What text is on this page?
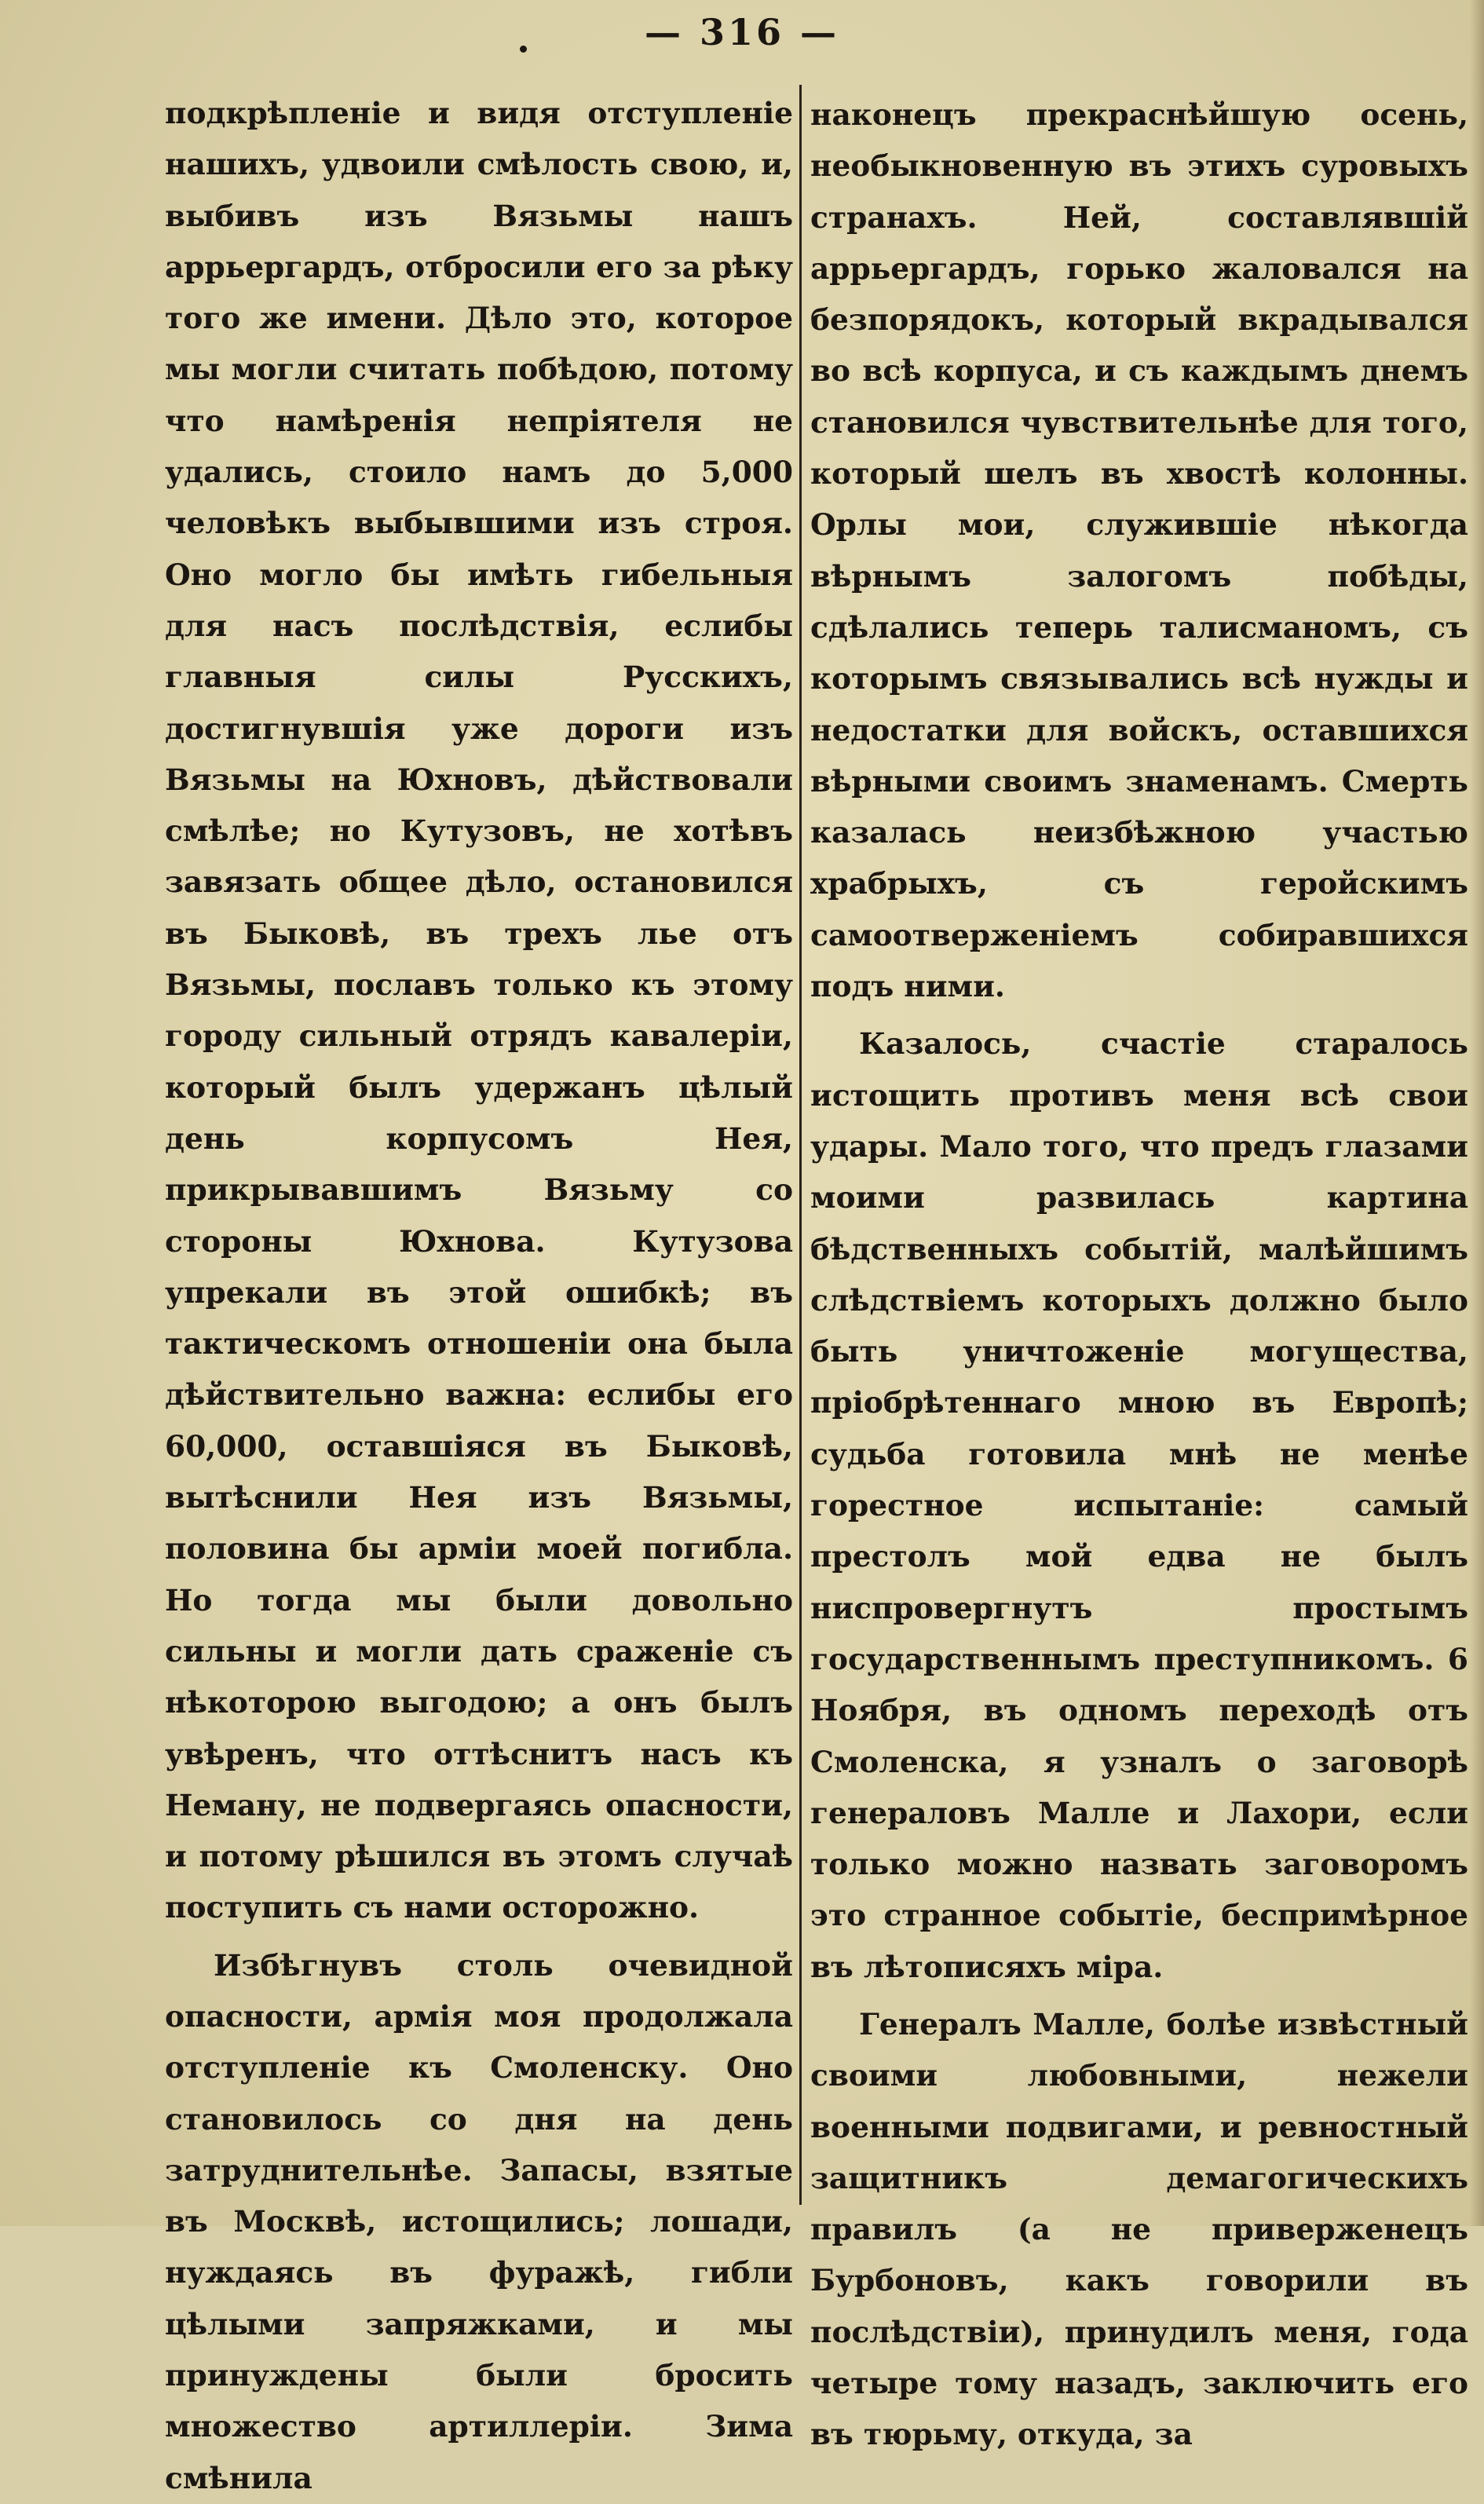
— 316 —

подкрѣпленіе и видя отступленіе нашихъ, удвоили смѣлость свою, и, выбивъ изъ Вязьмы нашъ аррьергардъ, отбросили его за рѣку того же имени. Дѣло это, которое мы могли считать побѣдою, потому что намѣренія непріятеля не удались, стоило намъ до 5,000 человѣкъ выбывшими изъ строя. Оно могло бы имѣть гибельныя для насъ послѣдствія, еслибы главныя силы Русскихъ, достигнувшія уже дороги изъ Вязьмы на Юхновъ, дѣйствовали смѣлѣе; но Кутузовъ, не хотѣвъ завязать общее дѣло, остановился въ Быковѣ, въ трехъ лье отъ Вязьмы, пославъ только къ этому городу сильный отрядъ кавалеріи, который былъ удержанъ цѣлый день корпусомъ Нея, прикрывавшимъ Вязьму со стороны Юхнова. Кутузова упрекали въ этой ошибкѣ; въ тактическомъ отношеніи она была дѣйствительно важна: еслибы его 60,000, оставшіяся въ Быковѣ, вытѣснили Нея изъ Вязьмы, половина бы арміи моей погибла. Но тогда мы были довольно сильны и могли дать сраженіе съ нѣкоторою выгодою; а онъ былъ увѣренъ, что оттѣснитъ насъ къ Неману, не подвергаясь опасности, и потому рѣшился въ этомъ случаѣ поступить съ нами осторожно.

Избѣгнувъ столь очевидной опасности, армія моя продолжала отступленіе къ Смоленску. Оно становилось со дня на день затруднительнѣе. Запасы, взятые въ Москвѣ, истощились; лошади, нуждаясь въ фуражѣ, гибли цѣлыми запряжками, и мы принуждены были бросить множество артиллеріи. Зима смѣнила

наконецъ прекраснѣйшую осень, необыкновенную въ этихъ суровыхъ странахъ. Ней, составлявшій аррьергардъ, горько жаловался на безпорядокъ, который вкрадывался во всѣ корпуса, и съ каждымъ днемъ становился чувствительнѣе для того, который шелъ въ хвостѣ колонны. Орлы мои, служившіе нѣкогда вѣрнымъ залогомъ побѣды, сдѣлались теперь талисманомъ, съ которымъ связывались всѣ нужды и недостатки для войскъ, оставшихся вѣрными своимъ знаменамъ. Смерть казалась неизбѣжною участью храбрыхъ, съ геройскимъ самоотверженіемъ собиравшихся подъ ними.

Казалось, счастіе старалось истощить противъ меня всѣ свои удары. Мало того, что предъ глазами моими развилась картина бѣдственныхъ событій, малѣйшимъ слѣдствіемъ которыхъ должно было быть уничтоженіе могущества, пріобрѣтеннаго мною въ Европѣ; судьба готовила мнѣ не менѣе горестное испытаніе: самый престолъ мой едва не былъ ниспровергнутъ простымъ государственнымъ преступникомъ. 6 Ноября, въ одномъ переходѣ отъ Смоленска, я узналъ о заговорѣ генераловъ Малле и Лахори, если только можно назвать заговоромъ это странное событіе, беспримѣрное въ лѣтописяхъ міра.

Генералъ Малле, болѣе извѣстный своими любовными, нежели военными подвигами, и ревностный защитникъ демагогическихъ правилъ (а не приверженецъ Бурбоновъ, какъ говорили въ послѣдствіи), принудилъ меня, года четыре тому назадъ, заключить его въ тюрьму, откуда, за
